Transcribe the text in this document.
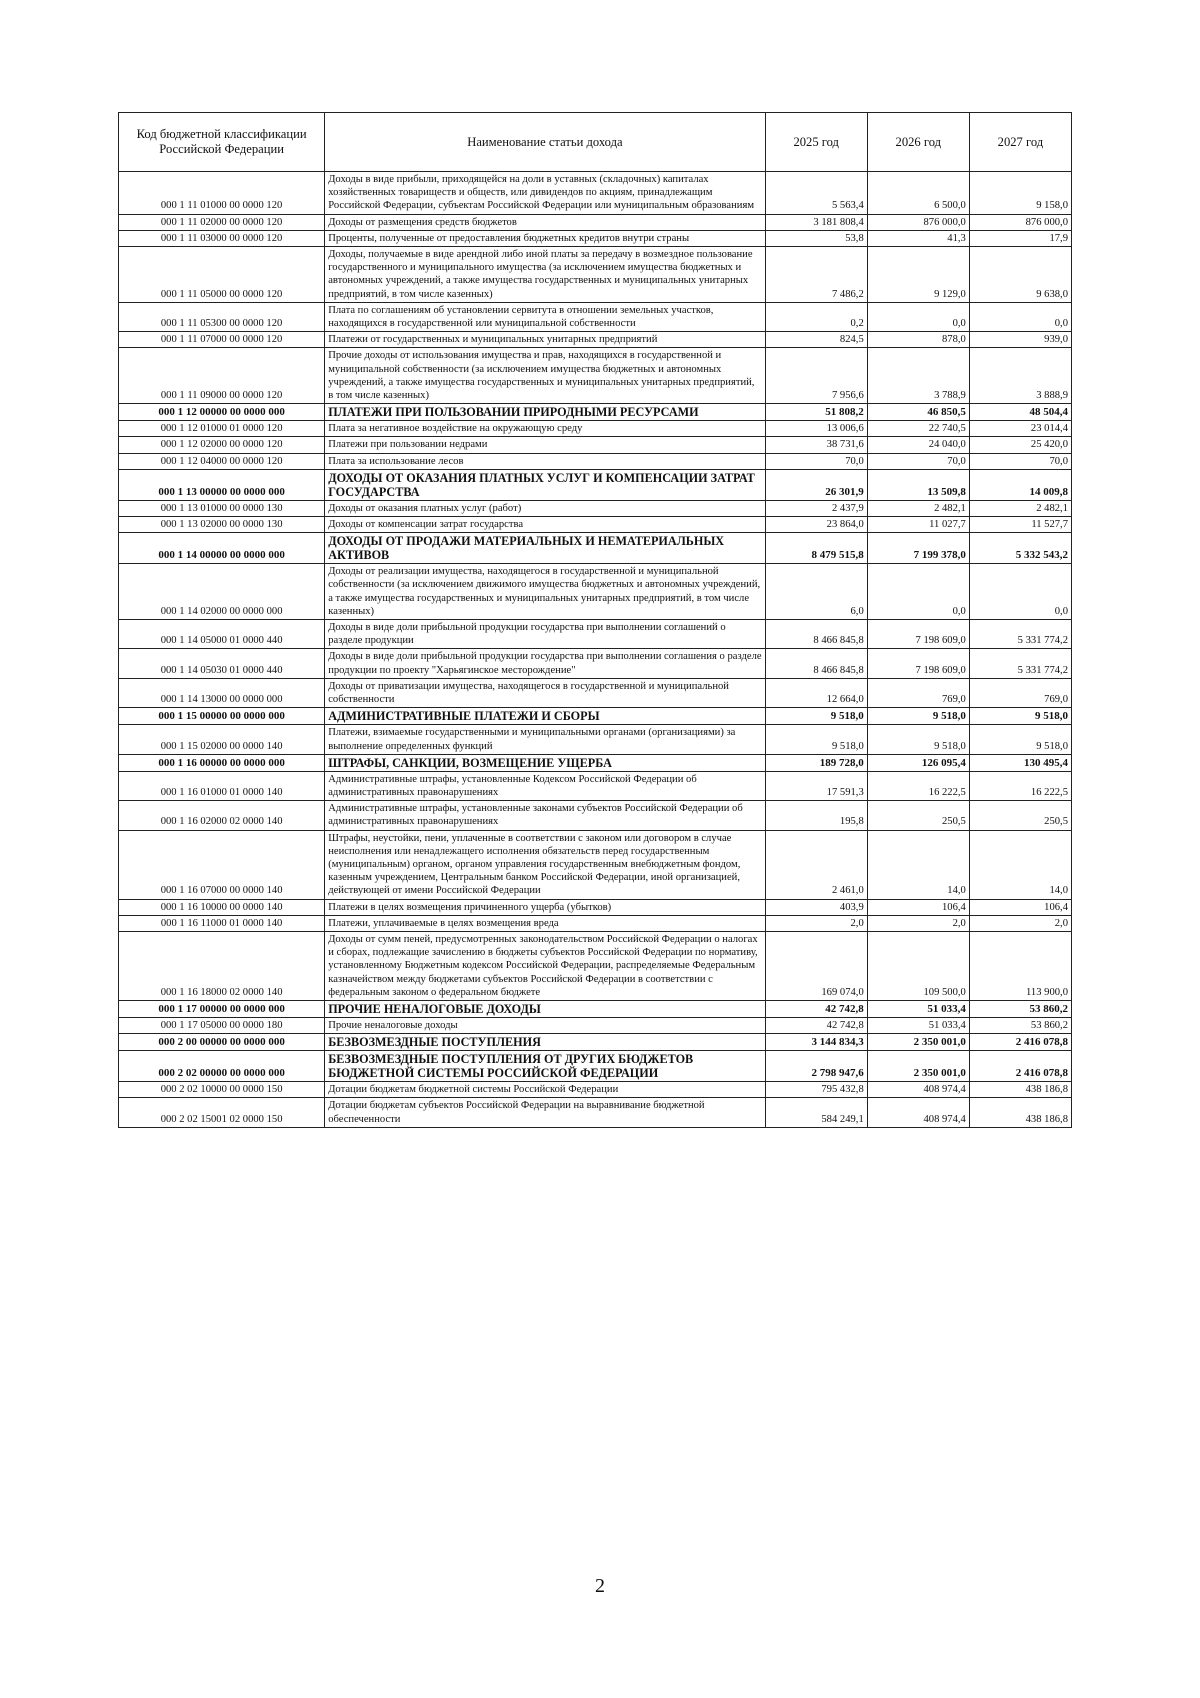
Код бюджетной классификации Российской Федерации	Наименование статьи дохода	2025 год	2026 год	2027 год
000 1 11 01000 00 0000 120	Доходы в виде прибыли, приходящейся на доли в уставных (складочных) капиталах хозяйственных товариществ и обществ, или дивидендов по акциям, принадлежащим Российской Федерации, субъектам Российской Федерации или муниципальным образованиям	5 563,4	6 500,0	9 158,0
000 1 11 02000 00 0000 120	Доходы от размещения средств бюджетов	3 181 808,4	876 000,0	876 000,0
000 1 11 03000 00 0000 120	Проценты, полученные от предоставления бюджетных кредитов внутри страны	53,8	41,3	17,9
000 1 11 05000 00 0000 120	Доходы, получаемые в виде арендной либо иной платы за передачу в возмездное пользование государственного и муниципального имущества (за исключением имущества бюджетных и автономных учреждений, а также имущества государственных и муниципальных унитарных предприятий, в том числе казенных)	7 486,2	9 129,0	9 638,0
000 1 11 05300 00 0000 120	Плата по соглашениям об установлении сервитута в отношении земельных участков, находящихся в государственной или муниципальной собственности	0,2	0,0	0,0
000 1 11 07000 00 0000 120	Платежи от государственных и муниципальных унитарных предприятий	824,5	878,0	939,0
000 1 11 09000 00 0000 120	Прочие доходы от использования имущества и прав, находящихся в государственной и муниципальной собственности (за исключением имущества бюджетных и автономных учреждений, а также имущества государственных и муниципальных унитарных предприятий, в том числе казенных)	7 956,6	3 788,9	3 888,9
000 1 12 00000 00 0000 000	ПЛАТЕЖИ ПРИ ПОЛЬЗОВАНИИ ПРИРОДНЫМИ РЕСУРСАМИ	51 808,2	46 850,5	48 504,4
000 1 12 01000 01 0000 120	Плата за негативное воздействие на окружающую среду	13 006,6	22 740,5	23 014,4
000 1 12 02000 00 0000 120	Платежи при пользовании недрами	38 731,6	24 040,0	25 420,0
000 1 12 04000 00 0000 120	Плата за использование лесов	70,0	70,0	70,0
000 1 13 00000 00 0000 000	ДОХОДЫ ОТ ОКАЗАНИЯ ПЛАТНЫХ УСЛУГ И КОМПЕНСАЦИИ ЗАТРАТ ГОСУДАРСТВА	26 301,9	13 509,8	14 009,8
000 1 13 01000 00 0000 130	Доходы от оказания платных услуг (работ)	2 437,9	2 482,1	2 482,1
000 1 13 02000 00 0000 130	Доходы от компенсации затрат государства	23 864,0	11 027,7	11 527,7
000 1 14 00000 00 0000 000	ДОХОДЫ ОТ ПРОДАЖИ МАТЕРИАЛЬНЫХ И НЕМАТЕРИАЛЬНЫХ АКТИВОВ	8 479 515,8	7 199 378,0	5 332 543,2
000 1 14 02000 00 0000 000	Доходы от реализации имущества, находящегося в государственной и муниципальной собственности (за исключением движимого имущества бюджетных и автономных учреждений, а также имущества государственных и муниципальных унитарных предприятий, в том числе казенных)	6,0	0,0	0,0
000 1 14 05000 01 0000 440	Доходы в виде доли прибыльной продукции государства при выполнении соглашений о разделе продукции	8 466 845,8	7 198 609,0	5 331 774,2
000 1 14 05030 01 0000 440	Доходы в виде доли прибыльной продукции государства при выполнении соглашения о разделе продукции по проекту "Харьягинское месторождение"	8 466 845,8	7 198 609,0	5 331 774,2
000 1 14 13000 00 0000 000	Доходы от приватизации имущества, находящегося в государственной и муниципальной собственности	12 664,0	769,0	769,0
000 1 15 00000 00 0000 000	АДМИНИСТРАТИВНЫЕ ПЛАТЕЖИ И СБОРЫ	9 518,0	9 518,0	9 518,0
000 1 15 02000 00 0000 140	Платежи, взимаемые государственными и муниципальными органами (организациями) за выполнение определенных функций	9 518,0	9 518,0	9 518,0
000 1 16 00000 00 0000 000	ШТРАФЫ, САНКЦИИ, ВОЗМЕЩЕНИЕ УЩЕРБА	189 728,0	126 095,4	130 495,4
000 1 16 01000 01 0000 140	Административные штрафы, установленные Кодексом Российской Федерации об административных правонарушениях	17 591,3	16 222,5	16 222,5
000 1 16 02000 02 0000 140	Административные штрафы, установленные законами субъектов Российской Федерации об административных правонарушениях	195,8	250,5	250,5
000 1 16 07000 00 0000 140	Штрафы, неустойки, пени, уплаченные в соответствии с законом или договором в случае неисполнения или ненадлежащего исполнения обязательств перед государственным (муниципальным) органом, органом управления государственным внебюджетным фондом, казенным учреждением, Центральным банком Российской Федерации, иной организацией, действующей от имени Российской Федерации	2 461,0	14,0	14,0
000 1 16 10000 00 0000 140	Платежи в целях возмещения причиненного ущерба (убытков)	403,9	106,4	106,4
000 1 16 11000 01 0000 140	Платежи, уплачиваемые в целях возмещения вреда	2,0	2,0	2,0
000 1 16 18000 02 0000 140	Доходы от сумм пеней, предусмотренных законодательством Российской Федерации о налогах и сборах, подлежащие зачислению в бюджеты субъектов Российской Федерации по нормативу, установленному Бюджетным кодексом Российской Федерации, распределяемые Федеральным казначейством между бюджетами субъектов Российской Федерации в соответствии с федеральным законом о федеральном бюджете	169 074,0	109 500,0	113 900,0
000 1 17 00000 00 0000 000	ПРОЧИЕ НЕНАЛОГОВЫЕ ДОХОДЫ	42 742,8	51 033,4	53 860,2
000 1 17 05000 00 0000 180	Прочие неналоговые доходы	42 742,8	51 033,4	53 860,2
000 2 00 00000 00 0000 000	БЕЗВОЗМЕЗДНЫЕ ПОСТУПЛЕНИЯ	3 144 834,3	2 350 001,0	2 416 078,8
000 2 02 00000 00 0000 000	БЕЗВОЗМЕЗДНЫЕ ПОСТУПЛЕНИЯ ОТ ДРУГИХ БЮДЖЕТОВ БЮДЖЕТНОЙ СИСТЕМЫ РОССИЙСКОЙ ФЕДЕРАЦИИ	2 798 947,6	2 350 001,0	2 416 078,8
000 2 02 10000 00 0000 150	Дотации бюджетам бюджетной системы Российской Федерации	795 432,8	408 974,4	438 186,8
000 2 02 15001 02 0000 150	Дотации бюджетам субъектов Российской Федерации на выравнивание бюджетной обеспеченности	584 249,1	408 974,4	438 186,8
2
